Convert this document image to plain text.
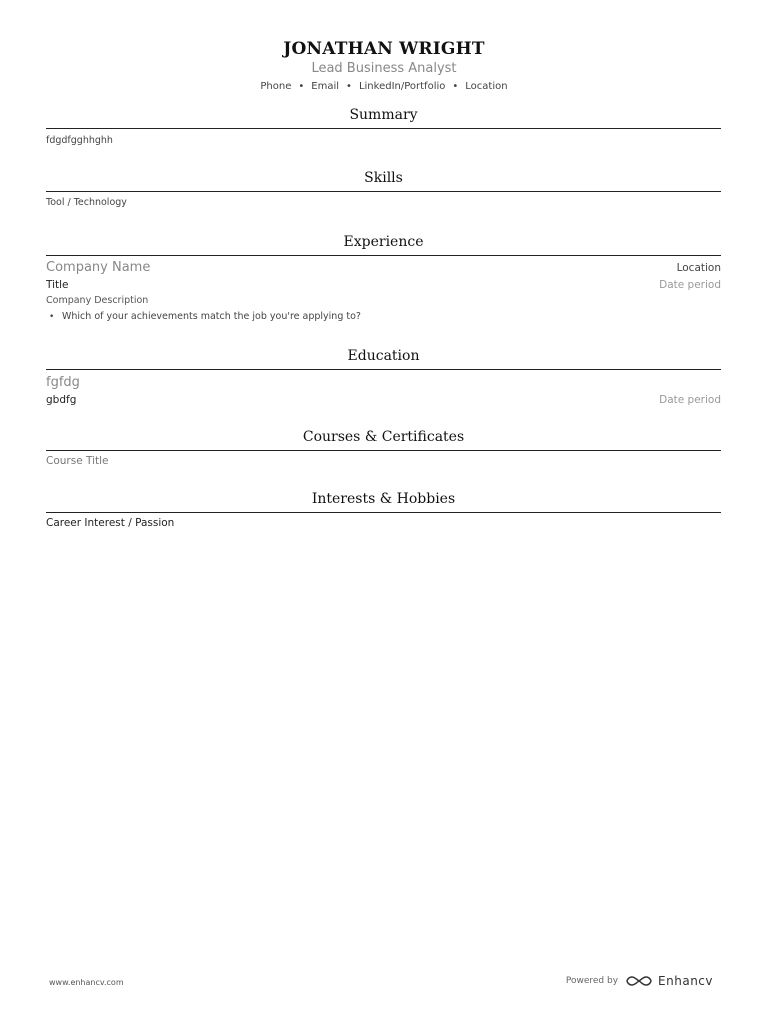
JONATHAN WRIGHT
Lead Business Analyst
Phone • Email • LinkedIn/Portfolio • Location
Summary
fdgdfgghhghh
Skills
Tool / Technology
Experience
Company Name	Location
Title	Date period
Company Description
• Which of your achievements match the job you're applying to?
Education
fgfdg
gbdfg	Date period
Courses & Certificates
Course Title
Interests & Hobbies
Career Interest / Passion
www.enhancv.com	Powered by	Enhancv
